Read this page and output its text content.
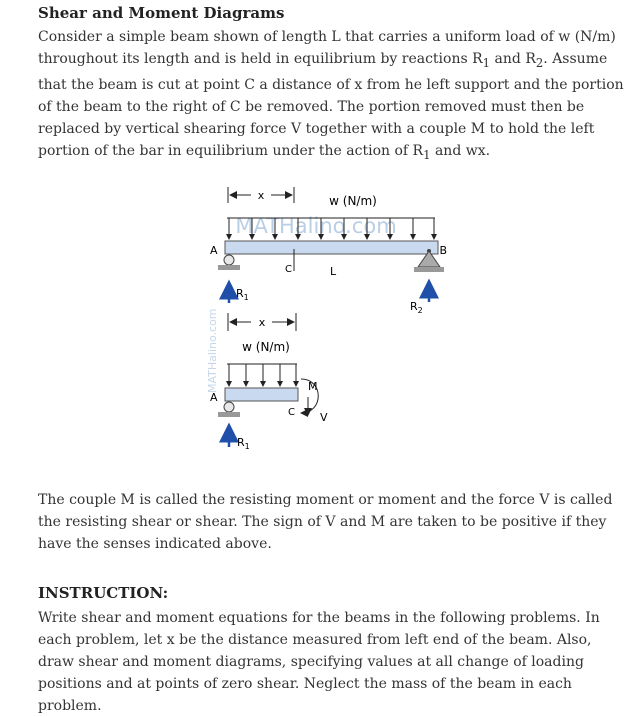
Shear and Moment Diagrams

Consider a simple beam shown of length L that carries a uniform load of w (N/m) throughout its length and is held in equilibrium by reactions $R_1$ and $R_2$. Assume that the beam is cut at point C a distance of x from he left support and the portion of the beam to the right of C be removed. The portion removed must then be replaced by vertical shearing force V together with a couple M to hold the left portion of the bar in equilibrium under the action of $R_1$ and wx.

x	w (N/m)
MATHalino.com
A	B
C	L
$R_1$
$R_2$
x
w (N/m)
A
C
M
V
$R_1$
MATHalino.com

The couple M is called the resisting moment or moment and the force V is called the resisting shear or shear. The sign of V and M are taken to be positive if they have the senses indicated above.

INSTRUCTION:

Write shear and moment equations for the beams in the following problems. In each problem, let x be the distance measured from left end of the beam. Also, draw shear and moment diagrams, specifying values at all change of loading positions and at points of zero shear. Neglect the mass of the beam in each problem.
